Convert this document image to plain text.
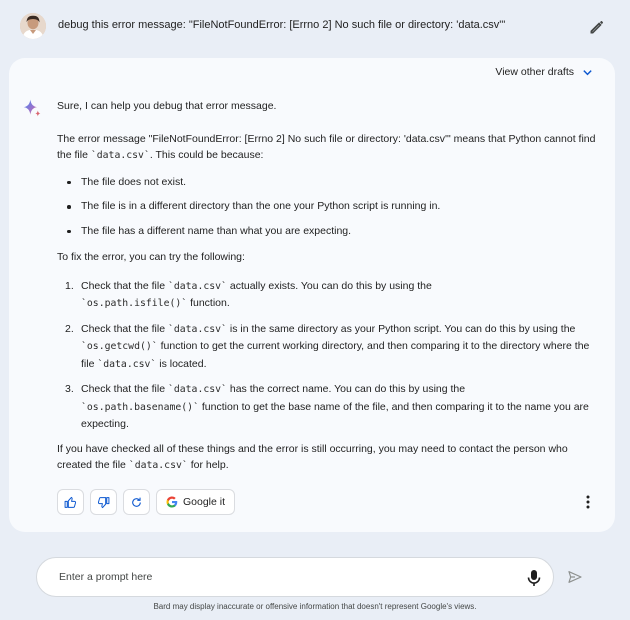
debug this error message: "FileNotFoundError: [Errno 2] No such file or directory: 'data.csv'"
View other drafts

Sure, I can help you debug that error message.

The error message "FileNotFoundError: [Errno 2] No such file or directory: 'data.csv'" means that Python cannot find the file `data.csv`. This could be because:

The file does not exist.
The file is in a different directory than the one your Python script is running in.
The file has a different name than what you are expecting.

To fix the error, you can try the following:

1. Check that the file `data.csv` actually exists. You can do this by using the
`os.path.isfile()` function.
2. Check that the file `data.csv` is in the same directory as your Python script. You can do this by using the `os.getcwd()` function to get the current working directory, and then comparing it to the directory where the file `data.csv` is located.
3. Check that the file `data.csv` has the correct name. You can do this by using the
`os.path.basename()` function to get the base name of the file, and then comparing it to the name you are expecting.

If you have checked all of these things and the error is still occurring, you may need to contact the person who created the file `data.csv` for help.

Google it
Enter a prompt here
Bard may display inaccurate or offensive information that doesn't represent Google's views.
